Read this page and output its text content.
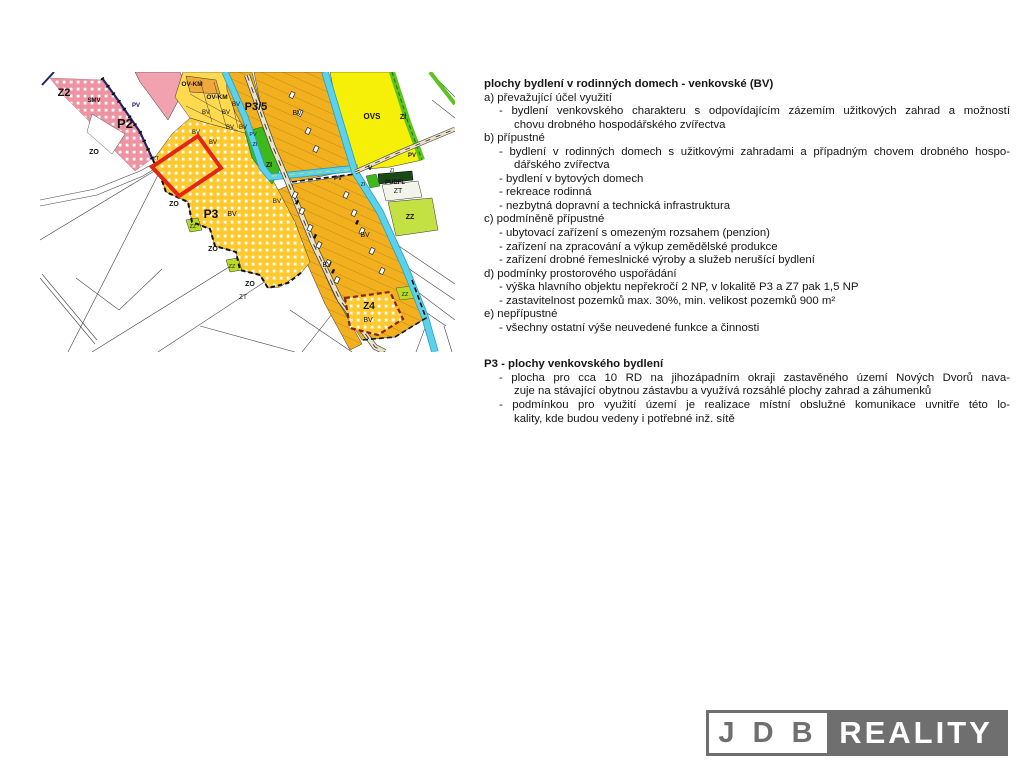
Z2
SMV
P2
PV
ZO
OV-KM
OV-KM
BV
BV
BV
BV BV
BV
BV
PV
ZI
P3/5
BV
ZI
ZT
P3 BV
BV
ZO
ZZ
ZO
ZZ
ZO
ZT
OVS	ZI
PV
PV
V	ZI
ZI	PUBFL
ZT
ZZ
BV
BV
Z4
BV
ZZ
plochy bydlení v rodinných domech - venkovské (BV)
a) převažující účel využití
- bydlení venkovského charakteru s odpovídajícím zázemím užitkových zahrad a možností
chovu drobného hospodářského zvířectva
b) přípustné
- bydlení v rodinných domech s užitkovými zahradami a případným chovem drobného hospo-
dářského zvířectva
- bydlení v bytových domech
- rekreace rodinná
- nezbytná dopravní a technická infrastruktura
c) podmíněně přípustné
- ubytovací zařízení s omezeným rozsahem (penzion)
- zařízení na zpracování a výkup zemědělské produkce
- zařízení drobné řemeslnické výroby a služeb nerušící bydlení
d) podmínky prostorového uspořádání
- výška hlavního objektu nepřekročí 2 NP, v lokalitě P3 a Z7 pak 1,5 NP
- zastavitelnost pozemků max. 30%, min. velikost pozemků 900 m²
e) nepřípustné
- všechny ostatní výše neuvedené funkce a činnosti
P3 - plochy venkovského bydlení
- plocha pro cca 10 RD na jihozápadním okraji zastavěného území Nových Dvorů nava-
zuje na stávající obytnou zástavbu a využívá rozsáhlé plochy zahrad a záhumenků
- podmínkou pro využití území je realizace místní obslužné komunikace uvnitře této lo-
kality, kde budou vedeny i potřebné inž. sítě
J D B REALITY
